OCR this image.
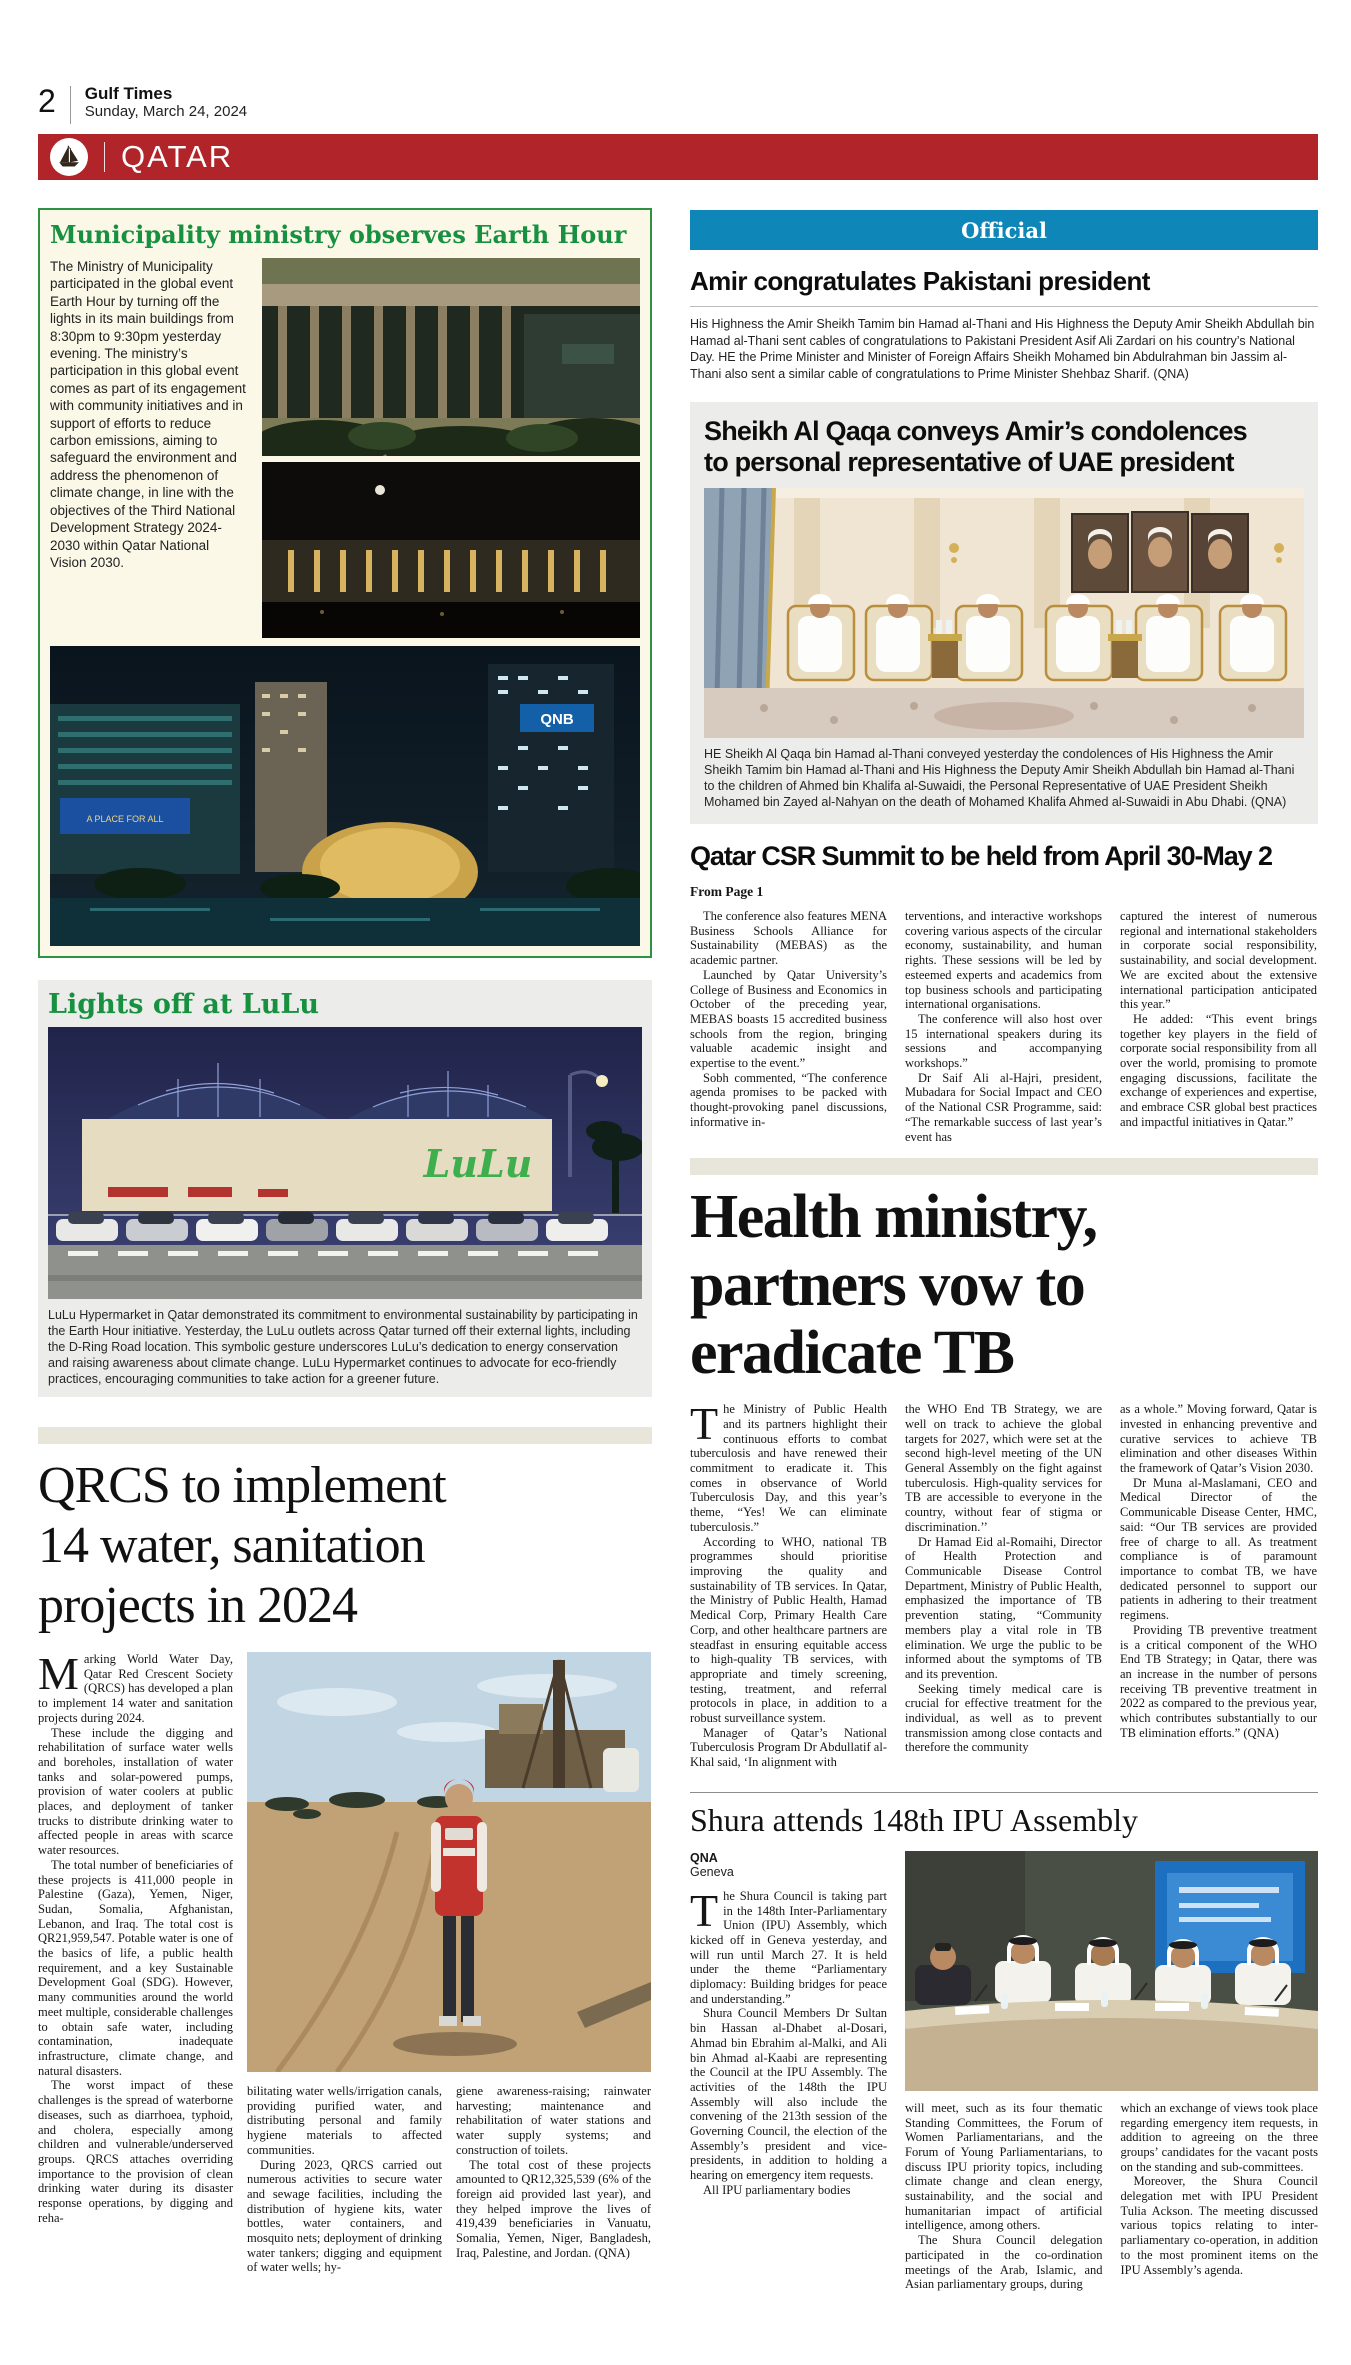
2 Gulf Times
Sunday, March 24, 2024
QATAR
Municipality ministry observes Earth Hour
The Ministry of Municipality participated in the global event Earth Hour by turning off the lights in its main buildings from 8:30pm to 9:30pm yesterday evening. The ministry’s participation in this global event comes as part of its engagement with community initiatives and in support of efforts to reduce carbon emissions, aiming to safeguard the environment and address the phenomenon of climate change, in line with the objectives of the Third National Development Strategy 2024-2030 within Qatar National Vision 2030.
A PLACE FOR ALL
QNB
Lights off at LuLu
LuLu

LuLu Hypermarket in Qatar demonstrated its commitment to environmental sustainability by participating in the Earth Hour initiative. Yesterday, the LuLu outlets across Qatar turned off their external lights, including the D-Ring Road location. This symbolic gesture underscores LuLu’s dedication to energy conservation and raising awareness about climate change. LuLu Hypermarket continues to advocate for eco-friendly practices, encouraging communities to take action for a greener future.

QRCS to implement
14 water, sanitation
projects in 2024

Marking World Water Day, Qatar Red Crescent Society (QRCS) has developed a plan to implement 14 water and sanitation projects during 2024.

These include the digging and rehabilitation of surface water wells and boreholes, installation of water tanks and solar-powered pumps, provision of water coolers at public places, and deployment of tanker trucks to distribute drinking water to affected people in areas with scarce water resources.

The total number of beneficiaries of these projects is 411,000 people in Palestine (Gaza), Yemen, Niger, Sudan, Somalia, Afghanistan, Lebanon, and Iraq. The total cost is QR21,959,547. Potable water is one of the basics of life, a public health requirement, and a key Sustainable Development Goal (SDG). However, many communities around the world meet multiple, considerable challenges to obtain safe water, including contamination, inadequate infrastructure, climate change, and natural disasters.

The worst impact of these challenges is the spread of waterborne diseases, such as diarrhoea, typhoid, and cholera, especially among children and vulnerable/underserved groups. QRCS attaches overriding importance to the provision of clean drinking water during its disaster response operations, by digging and reha-

bilitating water wells/irrigation canals, providing purified water, and distributing personal and family hygiene materials to affected communities.

During 2023, QRCS carried out numerous activities to secure water and sewage facilities, including the distribution of hygiene kits, water bottles, water containers, and mosquito nets; deployment of drinking water tankers; digging and equipment of water wells; hy-

giene awareness-raising; rainwater harvesting; maintenance and rehabilitation of water stations and water supply systems; and construction of toilets.

The total cost of these projects amounted to QR12,325,539 (6% of the foreign aid provided last year), and they helped improve the lives of 419,439 beneficiaries in Vanuatu, Somalia, Yemen, Niger, Bangladesh, Iraq, Palestine, and Jordan. (QNA)

Official
Amir congratulates Pakistani president

His Highness the Amir Sheikh Tamim bin Hamad al-Thani and His Highness the Deputy Amir Sheikh Abdullah bin Hamad al-Thani sent cables of congratulations to Pakistani President Asif Ali Zardari on his country’s National Day. HE the Prime Minister and Minister of Foreign Affairs Sheikh Mohamed bin Abdulrahman bin Jassim al-Thani also sent a similar cable of congratulations to Prime Minister Shehbaz Sharif. (QNA)

Sheikh Al Qaqa conveys Amir’s condolences
to personal representative of UAE president

HE Sheikh Al Qaqa bin Hamad al-Thani conveyed yesterday the condolences of His Highness the Amir Sheikh Tamim bin Hamad al-Thani and His Highness the Deputy Amir Sheikh Abdullah bin Hamad al-Thani to the children of Ahmed bin Khalifa al-Suwaidi, the Personal Representative of UAE President Sheikh Mohamed bin Zayed al-Nahyan on the death of Mohamed Khalifa Ahmed al-Suwaidi in Abu Dhabi. (QNA)

Qatar CSR Summit to be held from April 30-May 2
From Page 1

The conference also features MENA Business Schools Alliance for Sustainability (MEBAS) as the academic partner.

Launched by Qatar University’s College of Business and Economics in October of the preceding year, MEBAS boasts 15 accredited business schools from the region, bringing valuable academic insight and expertise to the event.”

Sobh commented, “The conference agenda promises to be packed with thought-provoking panel discussions, informative in-

terventions, and interactive workshops covering various aspects of the circular economy, sustainability, and human rights. These sessions will be led by esteemed experts and academics from top business schools and participating international organisations.

The conference will also host over 15 international speakers during its sessions and accompanying workshops.”

Dr Saif Ali al-Hajri, president, Mubadara for Social Impact and CEO of the National CSR Programme, said: “The remarkable success of last year’s event has

captured the interest of numerous regional and international stakeholders in corporate social responsibility, sustainability, and social development. We are excited about the extensive international participation anticipated this year.”

He added: “This event brings together key players in the field of corporate social responsibility from all over the world, promising to promote engaging discussions, facilitate the exchange of experiences and expertise, and embrace CSR global best practices and impactful initiatives in Qatar.”

Health ministry,
partners vow to
eradicate TB

The Ministry of Public Health and its partners highlight their continuous efforts to combat tuberculosis and have renewed their commitment to eradicate it. This comes in observance of World Tuberculosis Day, and this year’s theme, “Yes! We can eliminate tuberculosis.”

According to WHO, national TB programmes should prioritise improving the quality and sustainability of TB services. In Qatar, the Ministry of Public Health, Hamad Medical Corp, Primary Health Care Corp, and other healthcare partners are steadfast in ensuring equitable access to high-quality TB services, with appropriate and timely screening, testing, treatment, and referral protocols in place, in addition to a robust surveillance system.

Manager of Qatar’s National Tuberculosis Program Dr Abdullatif al-Khal said, ‘In alignment with

the WHO End TB Strategy, we are well on track to achieve the global targets for 2027, which were set at the second high-level meeting of the UN General Assembly on the fight against tuberculosis. High-quality services for TB are accessible to everyone in the country, without fear of stigma or discrimination.’’

Dr Hamad Eid al-Romaihi, Director of Health Protection and Communicable Disease Control Department, Ministry of Public Health, emphasized the importance of TB prevention stating, “Community members play a vital role in TB elimination. We urge the public to be informed about the symptoms of TB and its prevention.

Seeking timely medical care is crucial for effective treatment for the individual, as well as to prevent transmission among close contacts and therefore the community

as a whole.” Moving forward, Qatar is invested in enhancing preventive and curative services to achieve TB elimination and other diseases Within the framework of Qatar’s Vision 2030.

Dr Muna al-Maslamani, CEO and Medical Director of the Communicable Disease Center, HMC, said: “Our TB services are provided free of charge to all. As treatment compliance is of paramount importance to combat TB, we have dedicated personnel to support our patients in adhering to their treatment regimens.

Providing TB preventive treatment is a critical component of the WHO End TB Strategy; in Qatar, there was an increase in the number of persons receiving TB preventive treatment in 2022 as compared to the previous year, which contributes substantially to our TB elimination efforts.” (QNA)

Shura attends 148th IPU Assembly
QNA
Geneva

The Shura Council is taking part in the 148th Inter-Parliamentary Union (IPU) Assembly, which kicked off in Geneva yesterday, and will run until March 27. It is held under the theme “Parliamentary diplomacy: Building bridges for peace and understanding.”

Shura Council Members Dr Sultan bin Hassan al-Dhabet al-Dosari, Ahmad bin Ebrahim al-Malki, and Ali bin Ahmad al-Kaabi are representing the Council at the IPU Assembly. The activities of the 148th the IPU Assembly will also include the convening of the 213th session of the Governing Council, the election of the Assembly’s president and vice-presidents, in addition to holding a hearing on emergency item requests.

All IPU parliamentary bodies

will meet, such as its four thematic Standing Committees, the Forum of Women Parliamentarians, and the Forum of Young Parliamentarians, to discuss IPU priority topics, including climate change and clean energy, sustainability, and the social and humanitarian impact of artificial intelligence, among others.

The Shura Council delegation participated in the co-ordination meetings of the Arab, Islamic, and Asian parliamentary groups, during

which an exchange of views took place regarding emergency item requests, in addition to agreeing on the three groups’ candidates for the vacant posts on the standing and sub-committees.

Moreover, the Shura Council delegation met with IPU President Tulia Ackson. The meeting discussed various topics relating to inter-parliamentary co-operation, in addition to the most prominent items on the IPU Assembly’s agenda.
